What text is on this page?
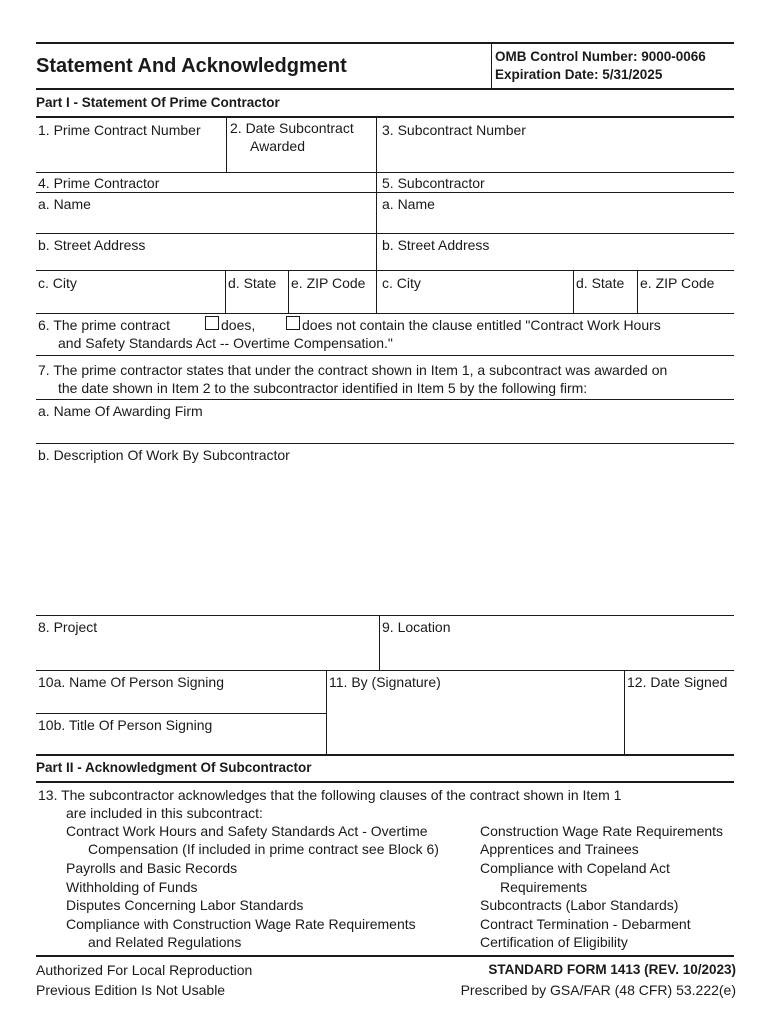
Statement And Acknowledgment	OMB Control Number: 9000-0066
Expiration Date: 5/31/2025
Part I - Statement Of Prime Contractor
1. Prime Contract Number 2. Date Subcontract
Awarded
3. Subcontract Number
4. Prime Contractor	5. Subcontractor
a. Name	a. Name
b. Street Address	b. Street Address
c. City	d. State e. ZIP Code c. City	d. State e. ZIP Code
6. The prime contract	does,	does not contain the clause entitled "Contract Work Hours
and Safety Standards Act -- Overtime Compensation."
7. The prime contractor states that under the contract shown in Item 1, a subcontract was awarded on
the date shown in Item 2 to the subcontractor identified in Item 5 by the following firm:
a. Name Of Awarding Firm
b. Description Of Work By Subcontractor
8. Project	9. Location
10a. Name Of Person Signing	11. By (Signature)	12. Date Signed
10b. Title Of Person Signing
Part II - Acknowledgment Of Subcontractor
13. The subcontractor acknowledges that the following clauses of the contract shown in Item 1
are included in this subcontract:
Contract Work Hours and Safety Standards Act - Overtime
Compensation (If included in prime contract see Block 6)
Payrolls and Basic Records
Withholding of Funds
Disputes Concerning Labor Standards
Compliance with Construction Wage Rate Requirements
and Related Regulations
Construction Wage Rate Requirements
Apprentices and Trainees
Compliance with Copeland Act
Requirements
Subcontracts (Labor Standards)
Contract Termination - Debarment
Certification of Eligibility
Authorized For Local Reproduction
Previous Edition Is Not Usable
STANDARD FORM 1413 (REV. 10/2023)
Prescribed by GSA/FAR (48 CFR) 53.222(e)
